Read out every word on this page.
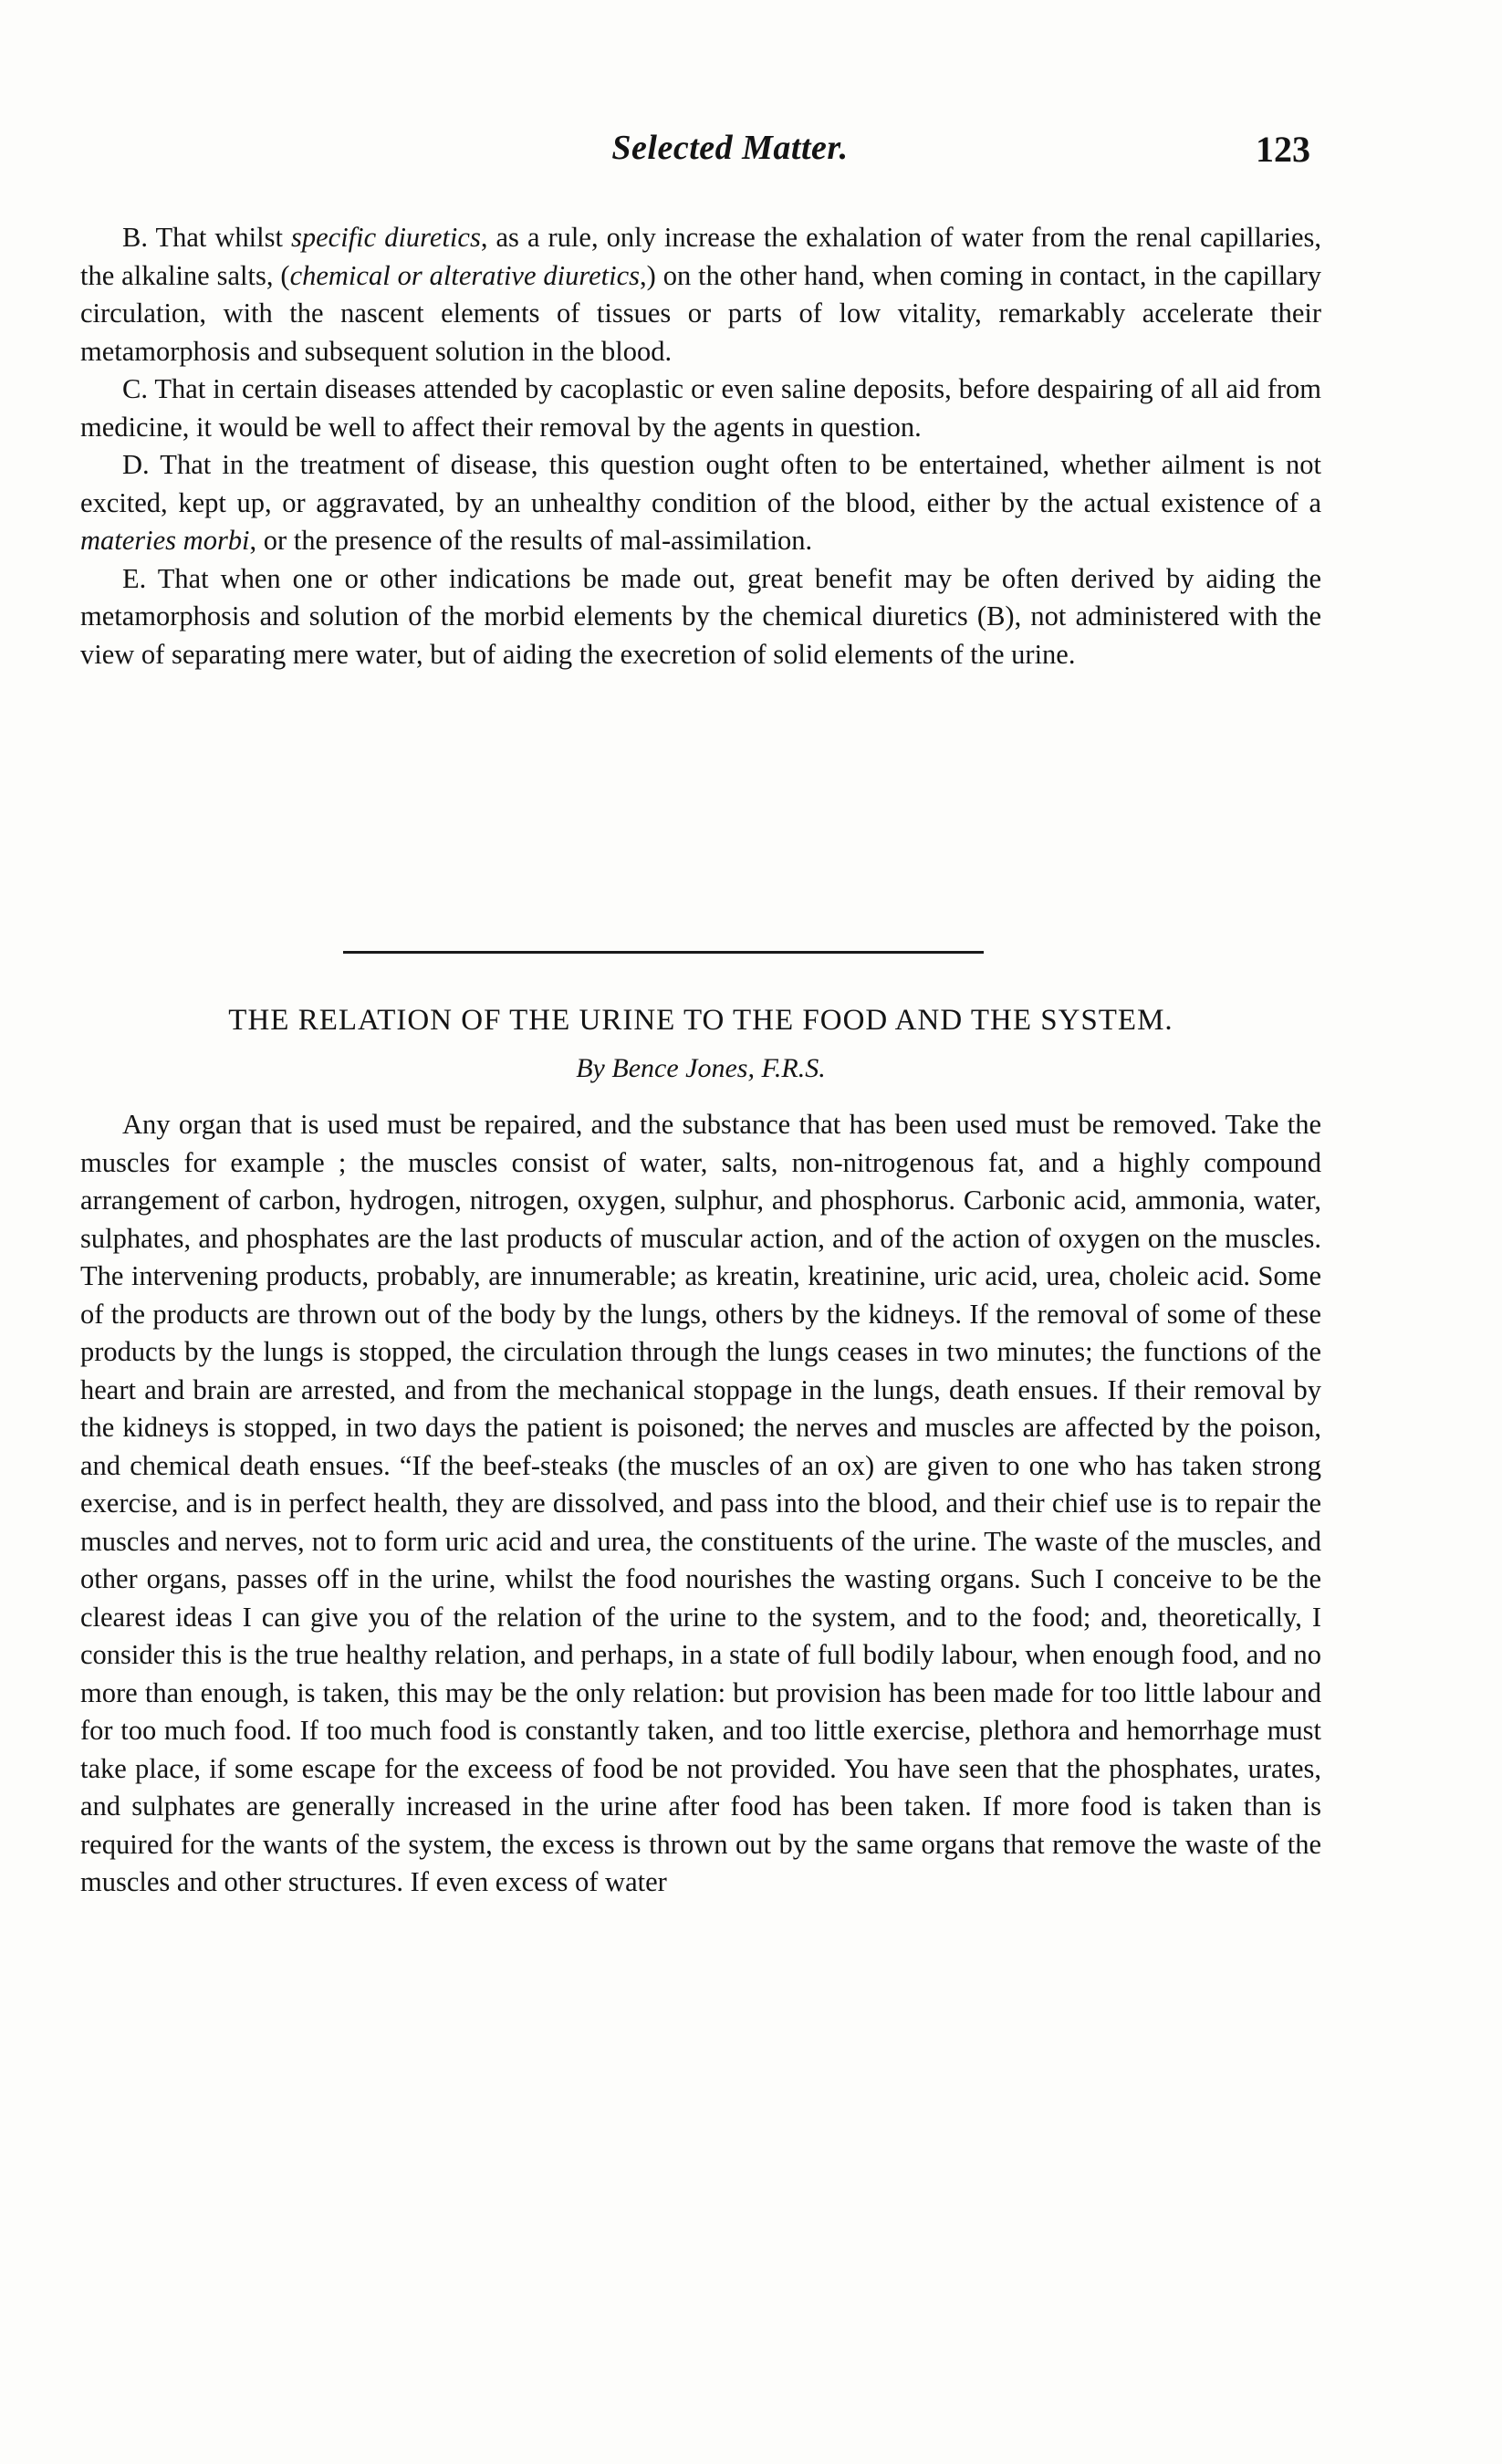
Selected Matter.	123

B. That whilst specific diuretics, as a rule, only increase the exhalation of water from the renal capillaries, the alkaline salts, (chemical or alterative diuretics,) on the other hand, when coming in contact, in the capillary circulation, with the nascent elements of tissues or parts of low vitality, remarkably accelerate their metamorphosis and subsequent solution in the blood.

C. That in certain diseases attended by cacoplastic or even saline deposits, before despairing of all aid from medicine, it would be well to affect their removal by the agents in question.

D. That in the treatment of disease, this question ought often to be entertained, whether ailment is not excited, kept up, or aggravated, by an unhealthy condition of the blood, either by the actual existence of a materies morbi, or the presence of the results of mal-assimilation.

E. That when one or other indications be made out, great benefit may be often derived by aiding the metamorphosis and solution of the morbid elements by the chemical diuretics (B), not administered with the view of separating mere water, but of aiding the execretion of solid elements of the urine.

THE RELATION OF THE URINE TO THE FOOD AND THE SYSTEM.
By Bence Jones, F.R.S.

Any organ that is used must be repaired, and the substance that has been used must be removed. Take the muscles for example ; the muscles consist of water, salts, non-nitrogenous fat, and a highly compound arrangement of carbon, hydrogen, nitrogen, oxygen, sulphur, and phosphorus. Carbonic acid, ammonia, water, sulphates, and phosphates are the last products of muscular action, and of the action of oxygen on the muscles. The intervening products, probably, are innumerable; as kreatin, kreatinine, uric acid, urea, choleic acid. Some of the products are thrown out of the body by the lungs, others by the kidneys. If the removal of some of these products by the lungs is stopped, the circulation through the lungs ceases in two minutes; the functions of the heart and brain are arrested, and from the mechanical stoppage in the lungs, death ensues. If their removal by the kidneys is stopped, in two days the patient is poisoned; the nerves and muscles are affected by the poison, and chemical death ensues. “If the beef-steaks (the muscles of an ox) are given to one who has taken strong exercise, and is in perfect health, they are dissolved, and pass into the blood, and their chief use is to repair the muscles and nerves, not to form uric acid and urea, the constituents of the urine. The waste of the muscles, and other organs, passes off in the urine, whilst the food nourishes the wasting organs. Such I conceive to be the clearest ideas I can give you of the relation of the urine to the system, and to the food; and, theoretically, I consider this is the true healthy relation, and perhaps, in a state of full bodily labour, when enough food, and no more than enough, is taken, this may be the only relation: but provision has been made for too little labour and for too much food. If too much food is constantly taken, and too little exercise, plethora and hemorrhage must take place, if some escape for the exceess of food be not provided. You have seen that the phosphates, urates, and sulphates are generally increased in the urine after food has been taken. If more food is taken than is required for the wants of the system, the excess is thrown out by the same organs that remove the waste of the muscles and other structures. If even excess of water
